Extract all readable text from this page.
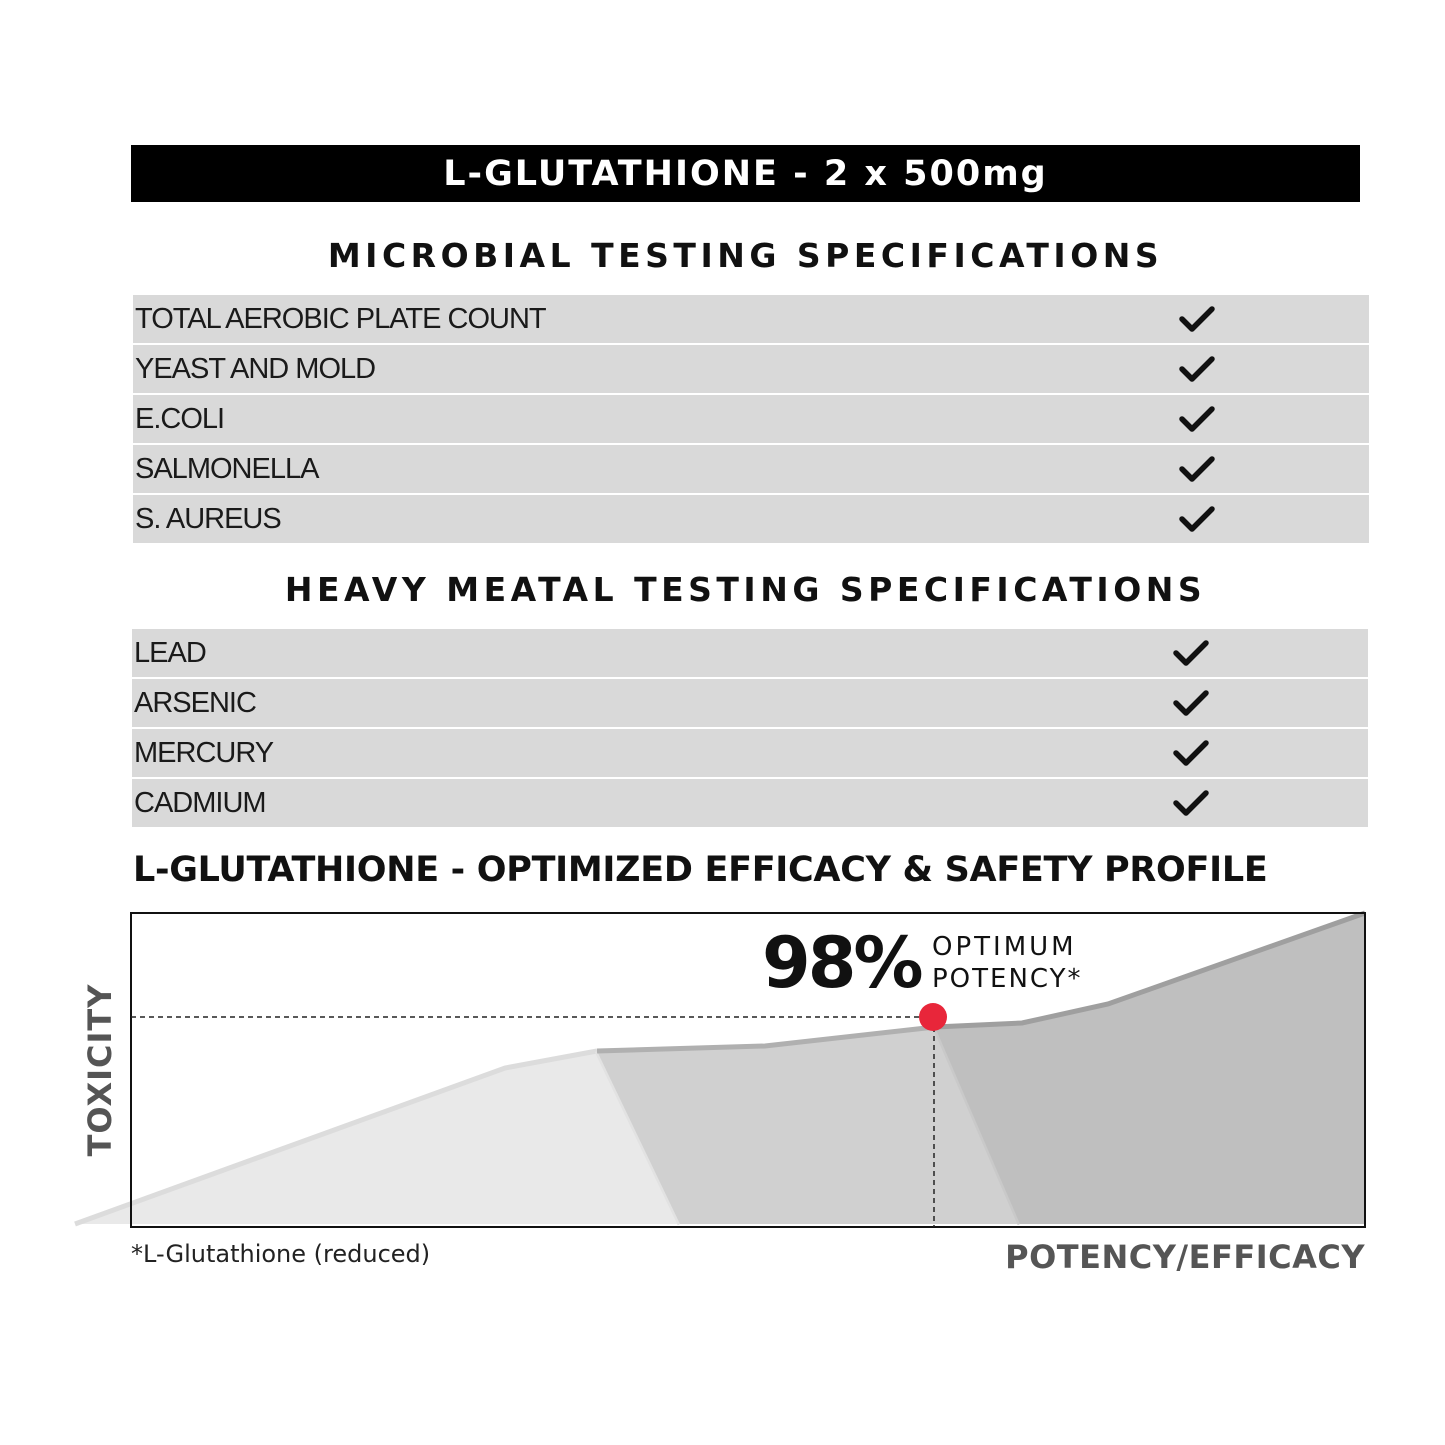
L-GLUTATHIONE - 2 x 500mg
MICROBIAL TESTING SPECIFICATIONS
TOTAL AEROBIC PLATE COUNT
YEAST AND MOLD
E.COLI
SALMONELLA
S. AUREUS
HEAVY MEATAL TESTING SPECIFICATIONS
LEAD
ARSENIC
MERCURY
CADMIUM
L-GLUTATHIONE - OPTIMIZED EFFICACY & SAFETY PROFILE
98% OPTIMUM
POTENCY*
TOXICITY
*L-Glutathione (reduced)	POTENCY/EFFICACY
